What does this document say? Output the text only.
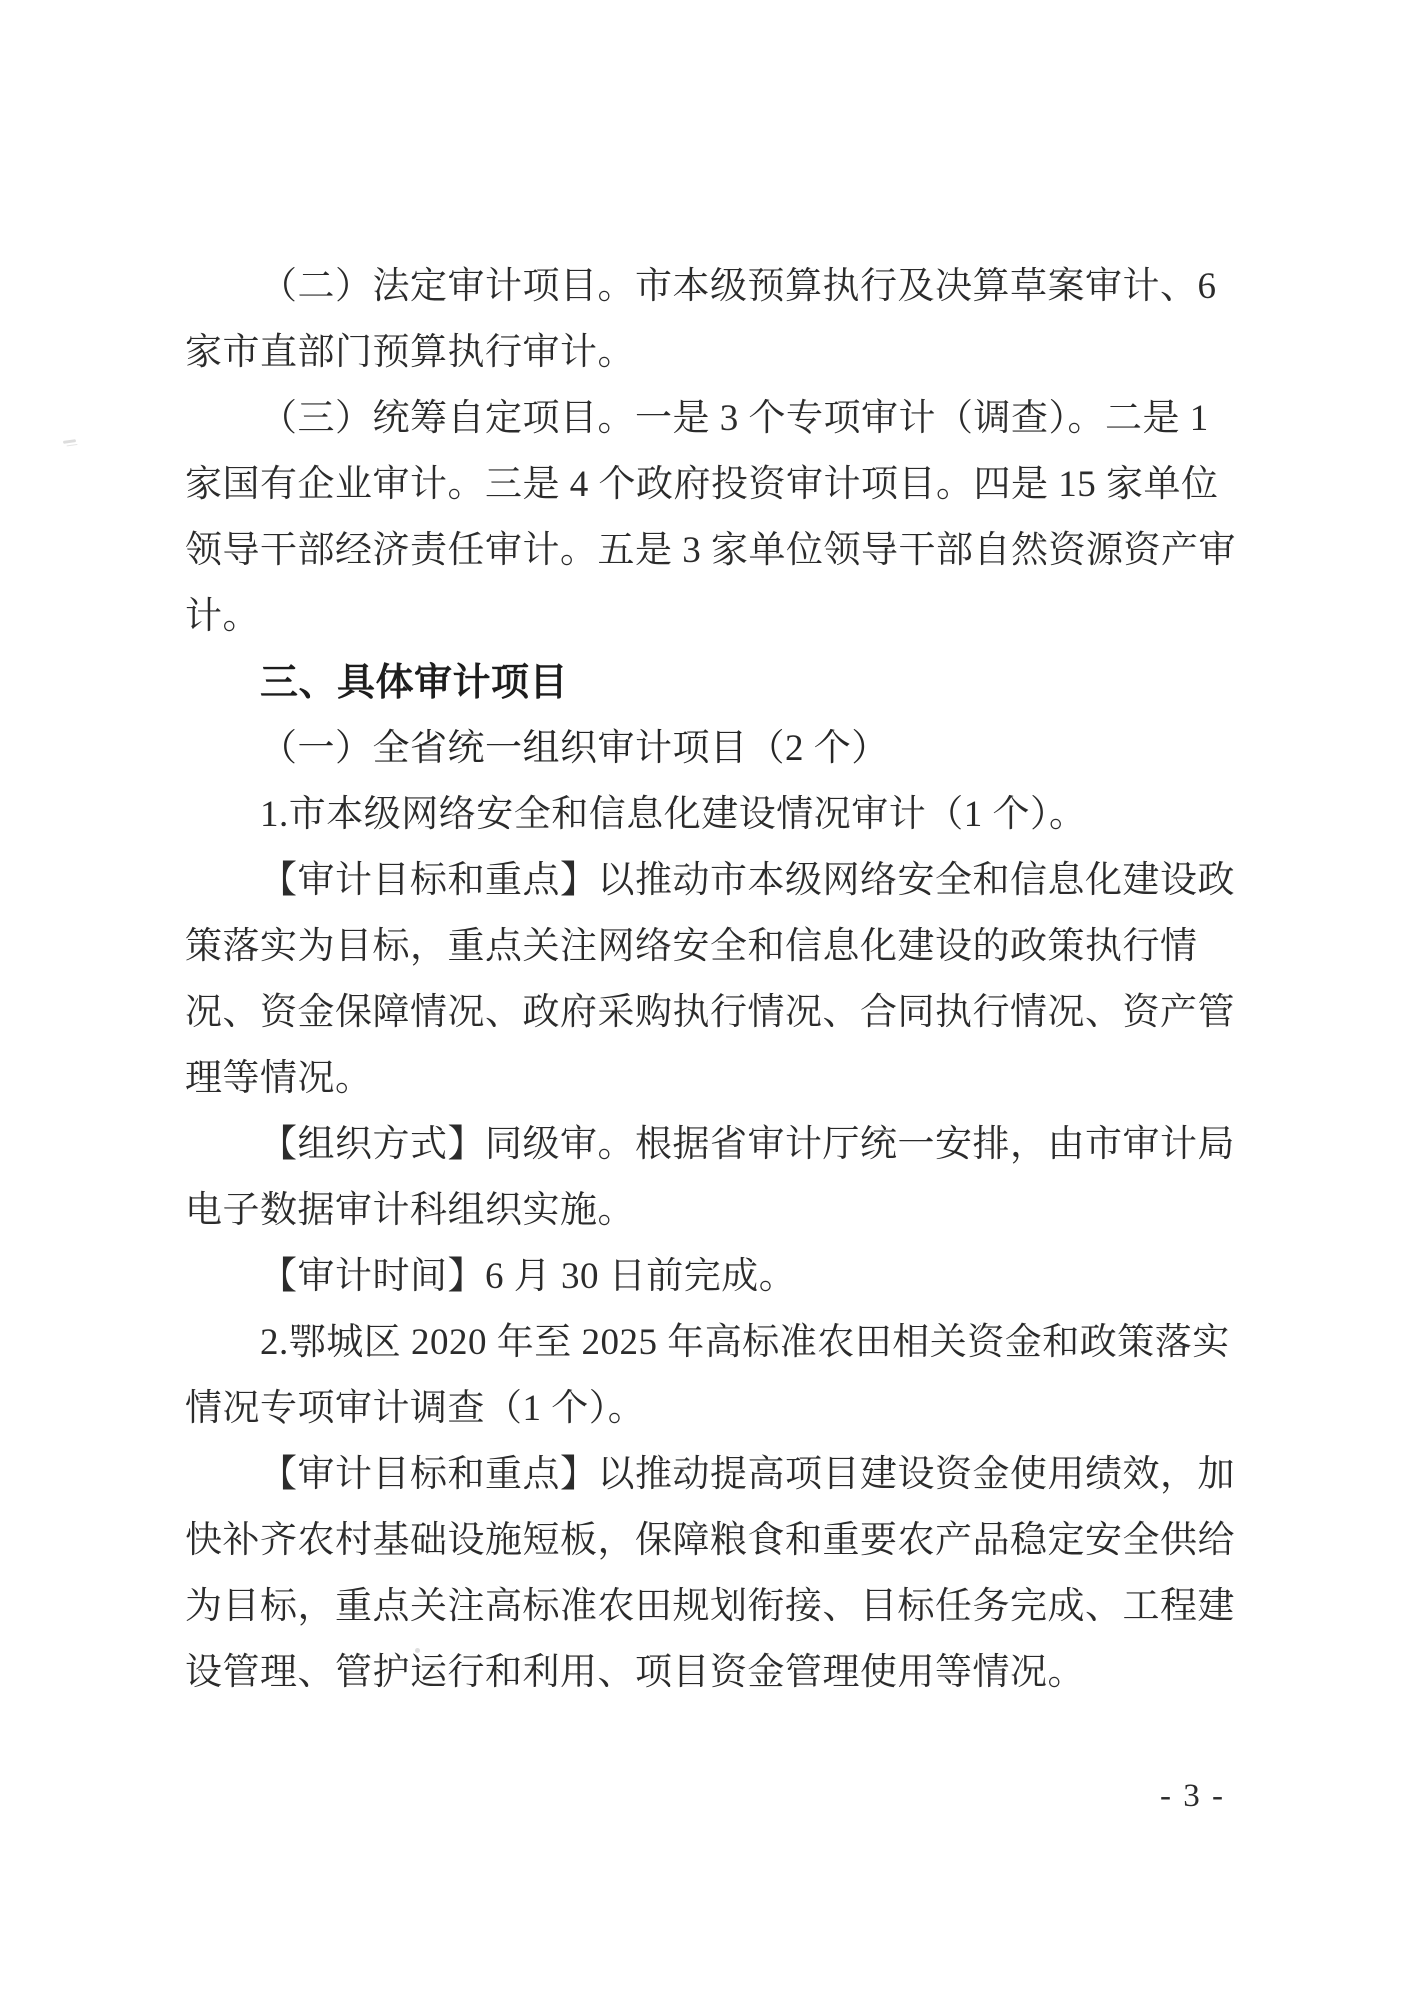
（二）法定审计项目。市本级预算执行及决算草案审计、6
家市直部门预算执行审计。
（三）统筹自定项目。一是 3 个专项审计（调查）。二是 1
家国有企业审计。三是 4 个政府投资审计项目。四是 15 家单位
领导干部经济责任审计。五是 3 家单位领导干部自然资源资产审
计。
三、具体审计项目
（一）全省统一组织审计项目（2 个）
1.市本级网络安全和信息化建设情况审计（1 个）。
【审计目标和重点】以推动市本级网络安全和信息化建设政
策落实为目标，重点关注网络安全和信息化建设的政策执行情
况、资金保障情况、政府采购执行情况、合同执行情况、资产管
理等情况。
【组织方式】同级审。根据省审计厅统一安排，由市审计局
电子数据审计科组织实施。
【审计时间】6 月 30 日前完成。
2.鄂城区 2020 年至 2025 年高标准农田相关资金和政策落实
情况专项审计调查（1 个）。
【审计目标和重点】以推动提高项目建设资金使用绩效，加
快补齐农村基础设施短板，保障粮食和重要农产品稳定安全供给
为目标，重点关注高标准农田规划衔接、目标任务完成、工程建
设管理、管护运行和利用、项目资金管理使用等情况。
- 3 -
